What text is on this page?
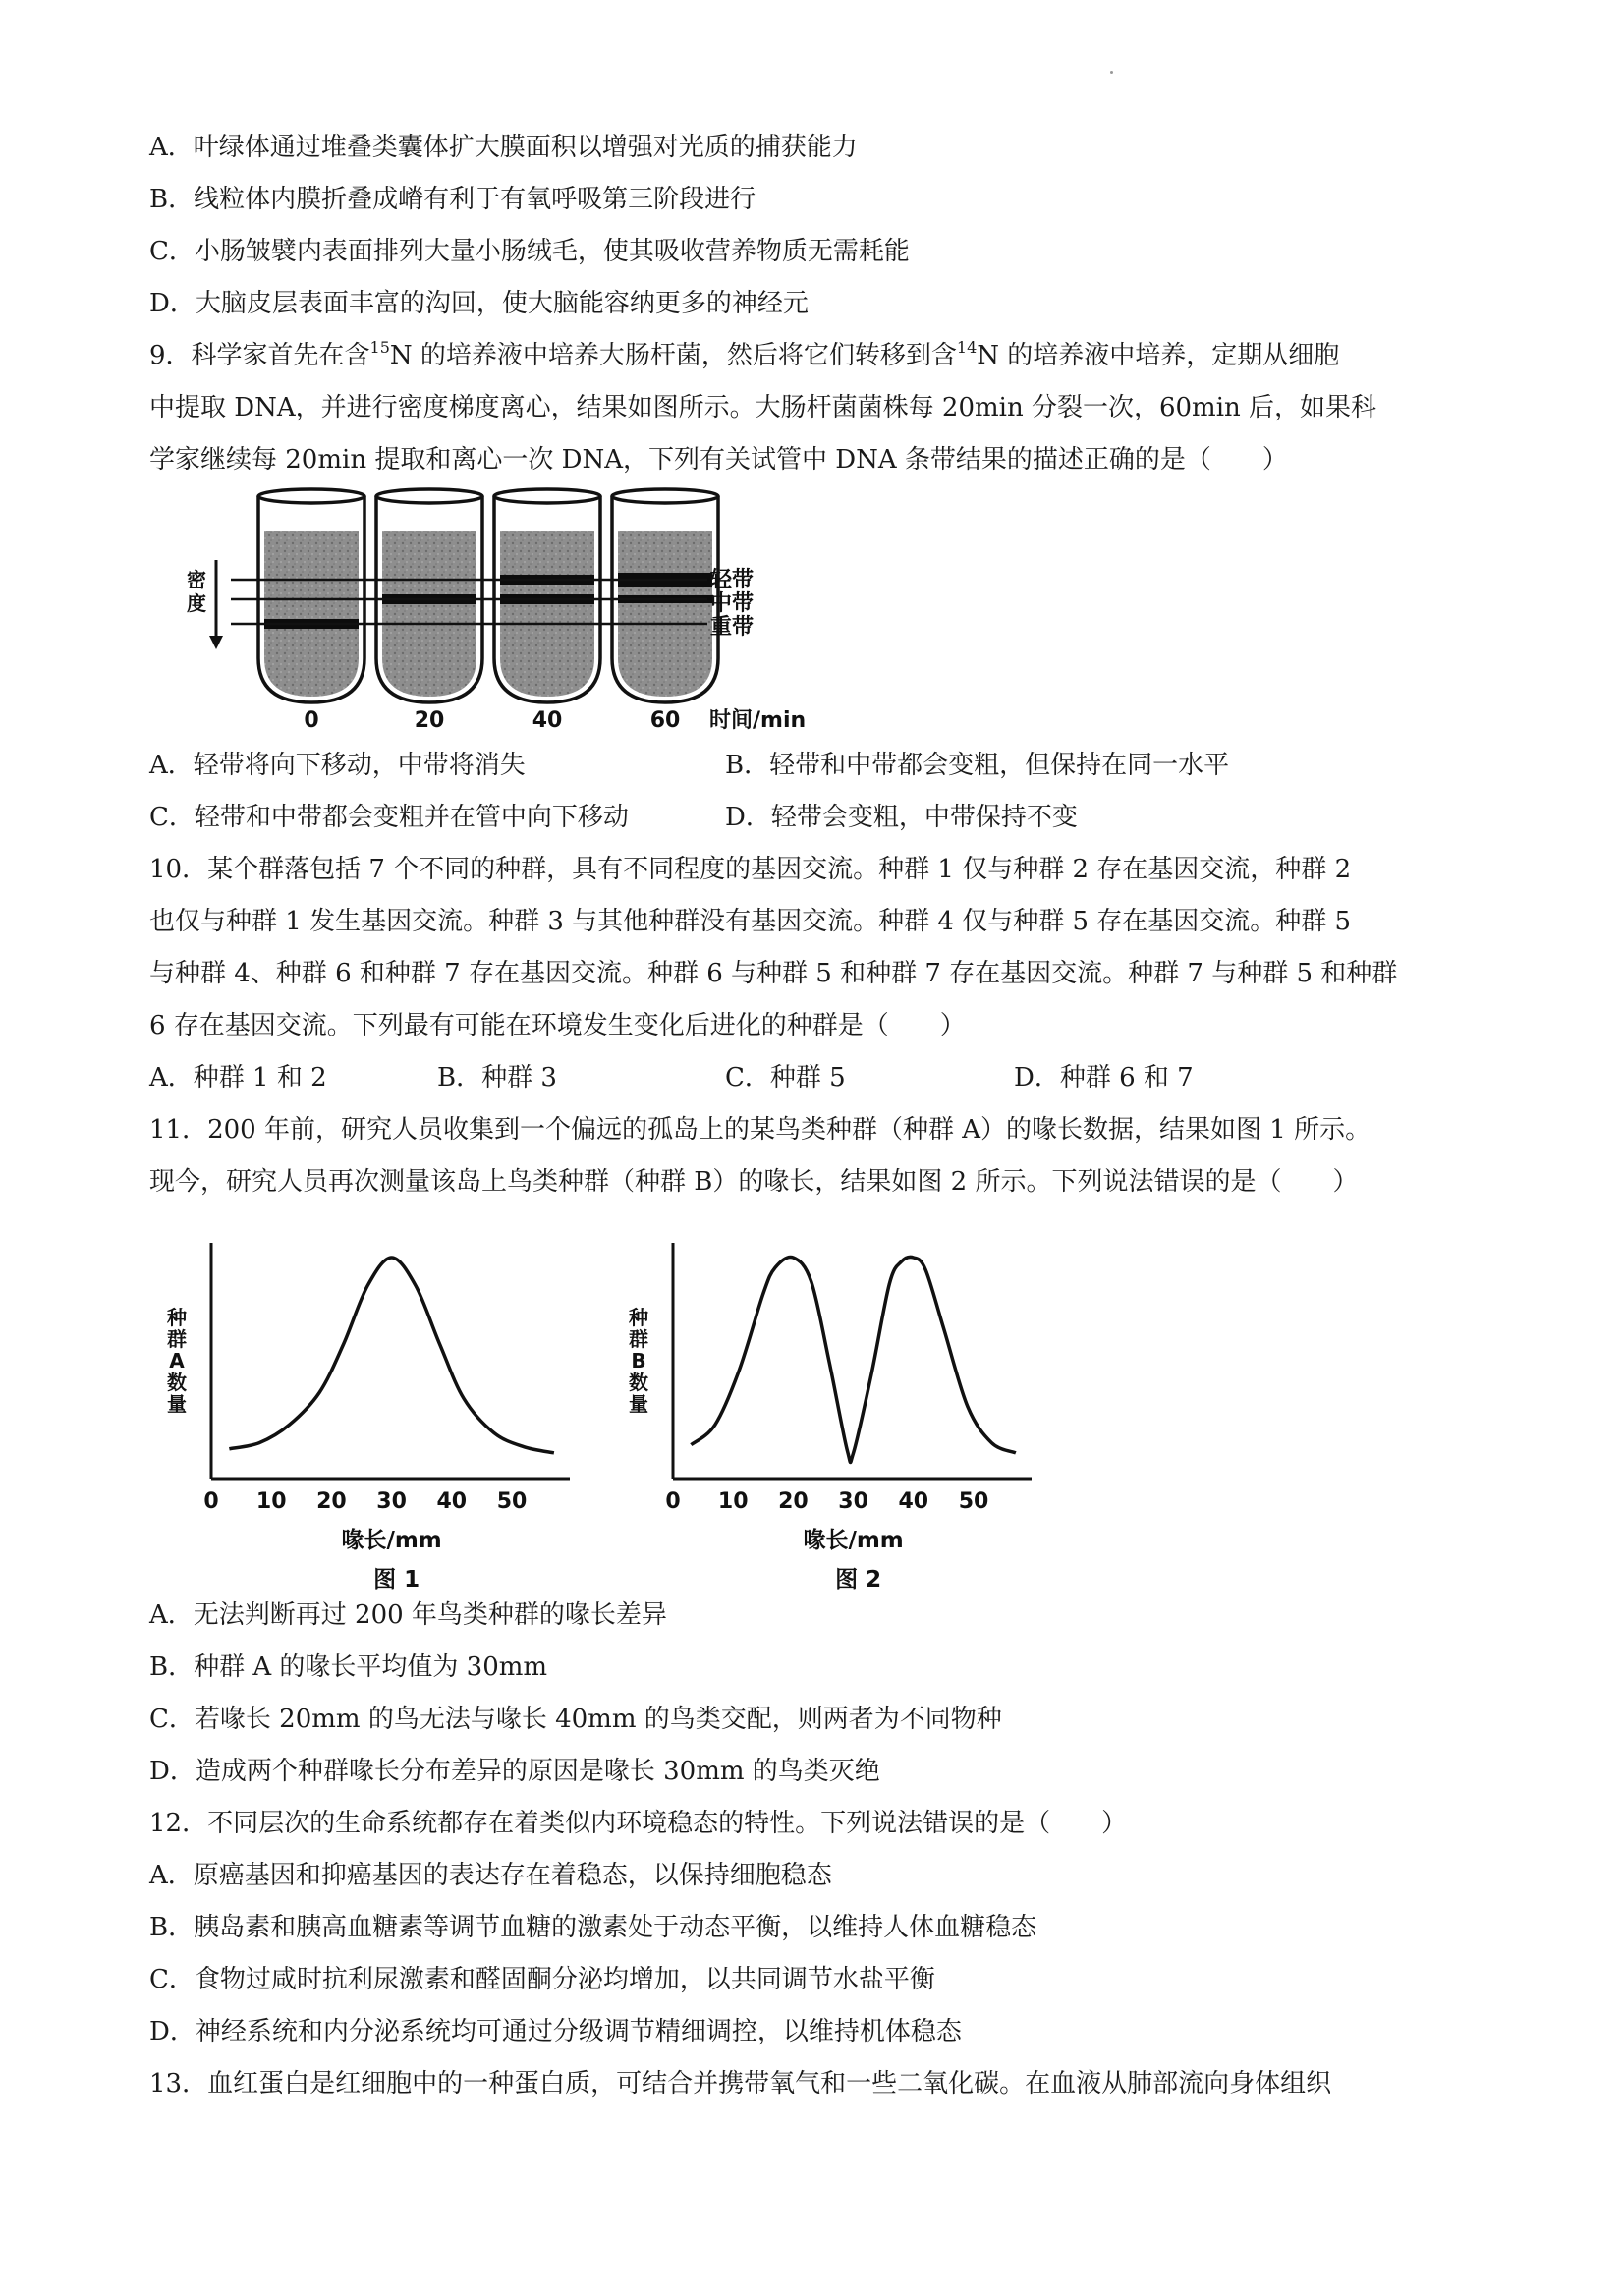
A．叶绿体通过堆叠类囊体扩大膜面积以增强对光质的捕获能力
B．线粒体内膜折叠成嵴有利于有氧呼吸第三阶段进行
C．小肠皱襞内表面排列大量小肠绒毛，使其吸收营养物质无需耗能
D．大脑皮层表面丰富的沟回，使大脑能容纳更多的神经元
9．科学家首先在含$^{15}$N 的培养液中培养大肠杆菌，然后将它们转移到含$^{14}$N 的培养液中培养，定期从细胞
中提取 DNA，并进行密度梯度离心，结果如图所示。大肠杆菌菌株每 20min 分裂一次，60min 后，如果科
学家继续每 20min 提取和离心一次 DNA，下列有关试管中 DNA 条带结果的描述正确的是（　　）
密
度
轻带
中带
重带
0	20	40	60 时间/min
A．轻带将向下移动，中带将消失	B．轻带和中带都会变粗，但保持在同一水平
C．轻带和中带都会变粗并在管中向下移动	D．轻带会变粗，中带保持不变
10．某个群落包括 7 个不同的种群，具有不同程度的基因交流。种群 1 仅与种群 2 存在基因交流，种群 2
也仅与种群 1 发生基因交流。种群 3 与其他种群没有基因交流。种群 4 仅与种群 5 存在基因交流。种群 5
与种群 4、种群 6 和种群 7 存在基因交流。种群 6 与种群 5 和种群 7 存在基因交流。种群 7 与种群 5 和种群
6 存在基因交流。下列最有可能在环境发生变化后进化的种群是（　　）
A．种群 1 和 2	B．种群 3	C．种群 5	D．种群 6 和 7
11．200 年前，研究人员收集到一个偏远的孤岛上的某鸟类种群（种群 A）的喙长数据，结果如图 1 所示。
现今，研究人员再次测量该岛上鸟类种群（种群 B）的喙长，结果如图 2 所示。下列说法错误的是（　　）
种
群
A
数
量
0 10 20 30 40 50
喙长/mm
图 1
种
群
B
数
量
0 10 20 30 40 50
喙长/mm
图 2
A．无法判断再过 200 年鸟类种群的喙长差异
B．种群 A 的喙长平均值为 30mm
C．若喙长 20mm 的鸟无法与喙长 40mm 的鸟类交配，则两者为不同物种
D．造成两个种群喙长分布差异的原因是喙长 30mm 的鸟类灭绝
12．不同层次的生命系统都存在着类似内环境稳态的特性。下列说法错误的是（　　）
A．原癌基因和抑癌基因的表达存在着稳态，以保持细胞稳态
B．胰岛素和胰高血糖素等调节血糖的激素处于动态平衡，以维持人体血糖稳态
C．食物过咸时抗利尿激素和醛固酮分泌均增加，以共同调节水盐平衡
D．神经系统和内分泌系统均可通过分级调节精细调控，以维持机体稳态
13．血红蛋白是红细胞中的一种蛋白质，可结合并携带氧气和一些二氧化碳。在血液从肺部流向身体组织
